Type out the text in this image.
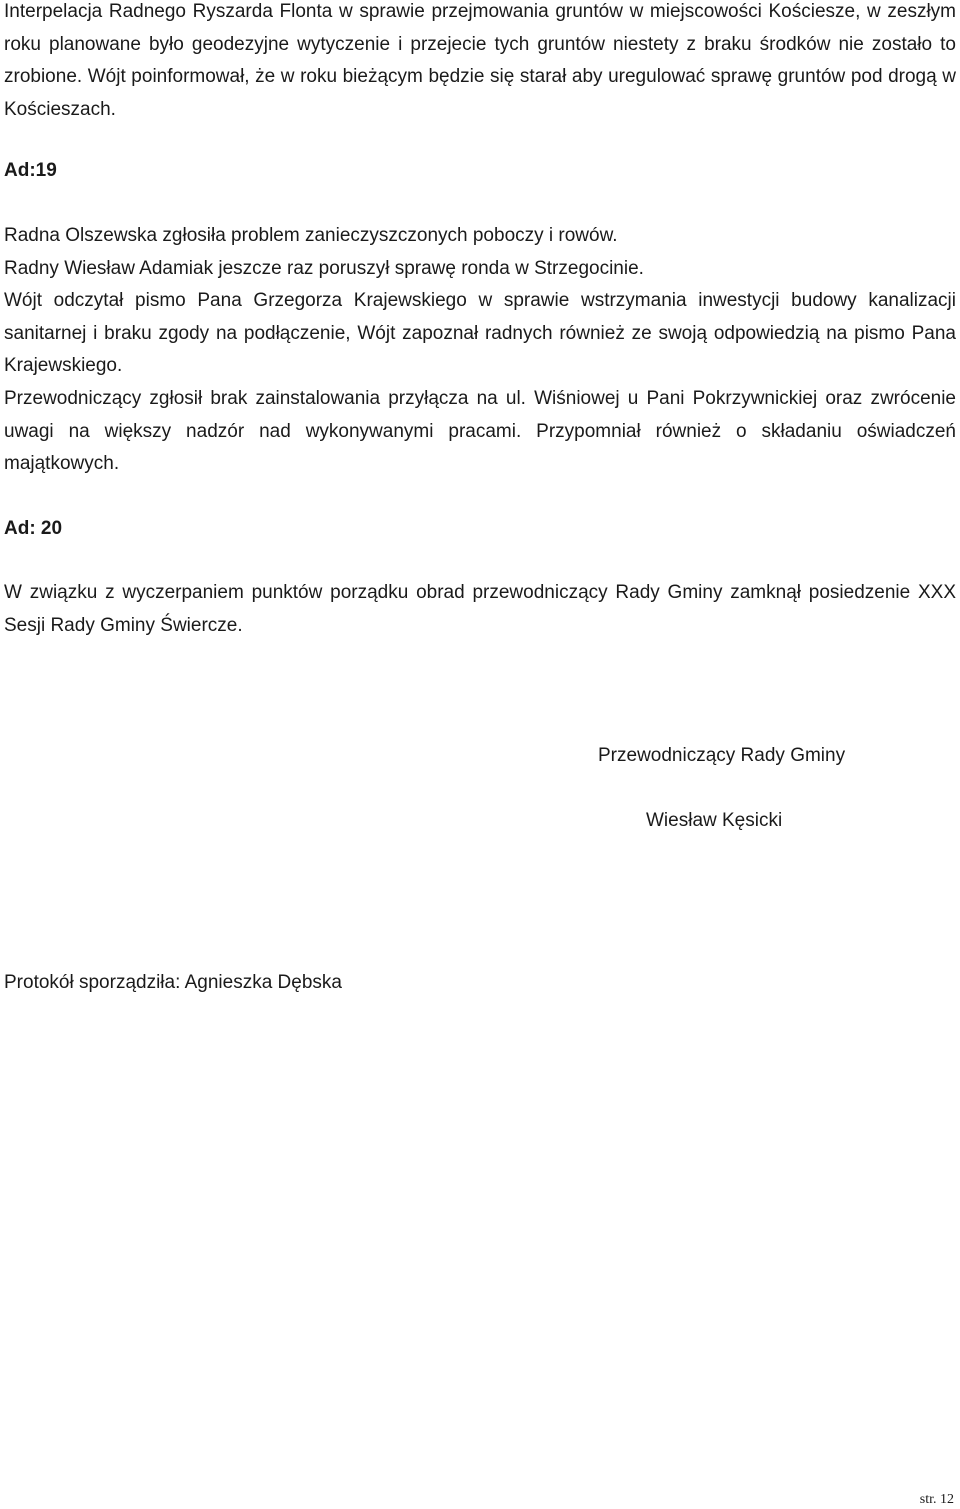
Interpelacja Radnego Ryszarda Flonta w sprawie przejmowania gruntów w miejscowości Kościesze, w zeszłym roku planowane było geodezyjne wytyczenie i przejecie tych gruntów niestety z braku środków nie zostało to zrobione. Wójt poinformował, że w roku bieżącym będzie się starał aby uregulować sprawę gruntów pod drogą w Kościeszach.

Ad:19

Radna Olszewska zgłosiła problem zanieczyszczonych poboczy i rowów.

Radny Wiesław Adamiak jeszcze raz poruszył sprawę ronda w Strzegocinie.

Wójt odczytał pismo Pana Grzegorza Krajewskiego w sprawie wstrzymania inwestycji budowy kanalizacji sanitarnej i braku zgody na podłączenie, Wójt zapoznał radnych również ze swoją odpowiedzią na pismo Pana Krajewskiego.

Przewodniczący zgłosił brak zainstalowania przyłącza na ul. Wiśniowej u Pani Pokrzywnickiej oraz zwrócenie uwagi na większy nadzór nad wykonywanymi pracami. Przypomniał również o składaniu oświadczeń majątkowych.

Ad: 20

W związku z wyczerpaniem punktów porządku obrad przewodniczący Rady Gminy zamknął posiedzenie XXX Sesji Rady Gminy Świercze.

Przewodniczący Rady Gminy
Wiesław Kęsicki

Protokół sporządziła: Agnieszka Dębska

str. 12
